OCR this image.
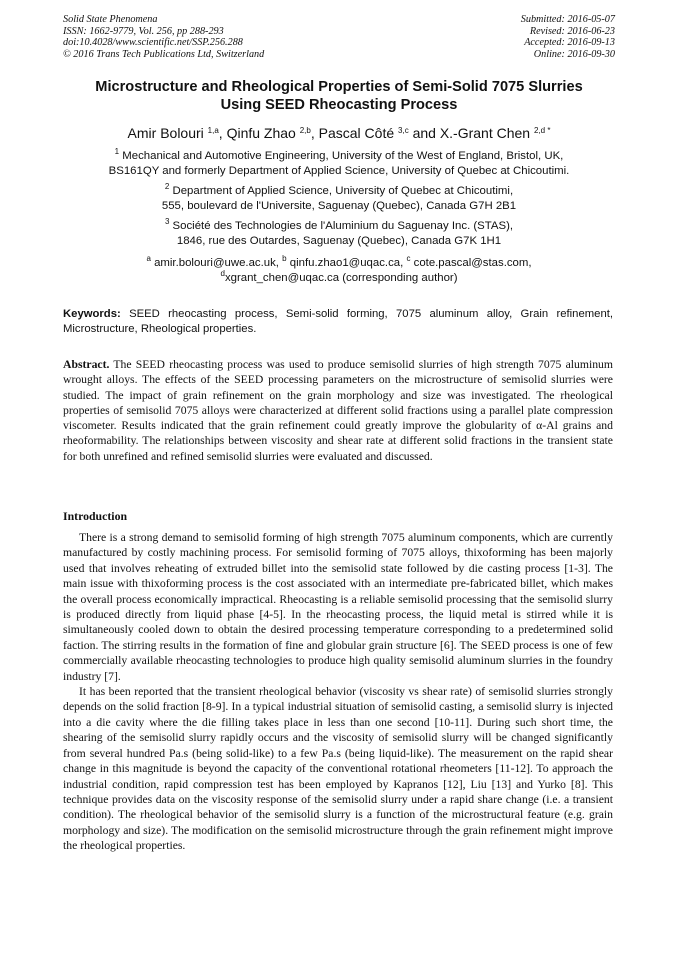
Solid State Phenomena
ISSN: 1662-9779, Vol. 256, pp 288-293
doi:10.4028/www.scientific.net/SSP.256.288
© 2016 Trans Tech Publications Ltd, Switzerland
Submitted: 2016-05-07
Revised: 2016-06-23
Accepted: 2016-09-13
Online: 2016-09-30
Microstructure and Rheological Properties of Semi-Solid 7075 Slurries
Using SEED Rheocasting Process
Amir Bolouri $^{1,a}$, Qinfu Zhao $^{2,b}$, Pascal Côté $^{3,c}$ and X.-Grant Chen $^{2,d *}$
$^1$ Mechanical and Automotive Engineering, University of the West of England, Bristol, UK,
BS161QY and formerly Department of Applied Science, University of Quebec at Chicoutimi.
$^2$ Department of Applied Science, University of Quebec at Chicoutimi,
555, boulevard de l'Universite, Saguenay (Quebec), Canada G7H 2B1
$^3$ Société des Technologies de l'Aluminium du Saguenay Inc. (STAS),
1846, rue des Outardes, Saguenay (Quebec), Canada G7K 1H1
$^a$ amir.bolouri@uwe.ac.uk, $^b$ qinfu.zhao1@uqac.ca, $^c$ cote.pascal@stas.com,
$^d$xgrant_chen@uqac.ca (corresponding author)
Keywords: SEED rheocasting process, Semi-solid forming, 7075 aluminum alloy, Grain refinement, Microstructure, Rheological properties.
Abstract. The SEED rheocasting process was used to produce semisolid slurries of high strength 7075 aluminum wrought alloys. The effects of the SEED processing parameters on the microstructure of semisolid slurries were studied. The impact of grain refinement on the grain morphology and size was investigated. The rheological properties of semisolid 7075 alloys were characterized at different solid fractions using a parallel plate compression viscometer. Results indicated that the grain refinement could greatly improve the globularity of α-Al grains and rheoformability. The relationships between viscosity and shear rate at different solid fractions in the transient state for both unrefined and refined semisolid slurries were evaluated and discussed.
Introduction

There is a strong demand to semisolid forming of high strength 7075 aluminum components, which are currently manufactured by costly machining process. For semisolid forming of 7075 alloys, thixoforming has been majorly used that involves reheating of extruded billet into the semisolid state followed by die casting process [1-3]. The main issue with thixoforming process is the cost associated with an intermediate pre-fabricated billet, which makes the overall process economically impractical. Rheocasting is a reliable semisolid processing that the semisolid slurry is produced directly from liquid phase [4-5]. In the rheocasting process, the liquid metal is stirred while it is simultaneously cooled down to obtain the desired processing temperature corresponding to a predetermined solid faction. The stirring results in the formation of fine and globular grain structure [6]. The SEED process is one of few commercially available rheocasting technologies to produce high quality semisolid aluminum slurries in the foundry industry [7].

It has been reported that the transient rheological behavior (viscosity vs shear rate) of semisolid slurries strongly depends on the solid fraction [8-9]. In a typical industrial situation of semisolid casting, a semisolid slurry is injected into a die cavity where the die filling takes place in less than one second [10-11]. During such short time, the shearing of the semisolid slurry rapidly occurs and the viscosity of semisolid slurry will be changed significantly from several hundred Pa.s (being solid-like) to a few Pa.s (being liquid-like). The measurement on the rapid shear change in this magnitude is beyond the capacity of the conventional rotational rheometers [11-12]. To approach the industrial condition, rapid compression test has been employed by Kapranos [12], Liu [13] and Yurko [8]. This technique provides data on the viscosity response of the semisolid slurry under a rapid share change (i.e. a transient condition). The rheological behavior of the semisolid slurry is a function of the microstructural feature (e.g. grain morphology and size). The modification on the semisolid microstructure through the grain refinement might improve the rheological properties.
